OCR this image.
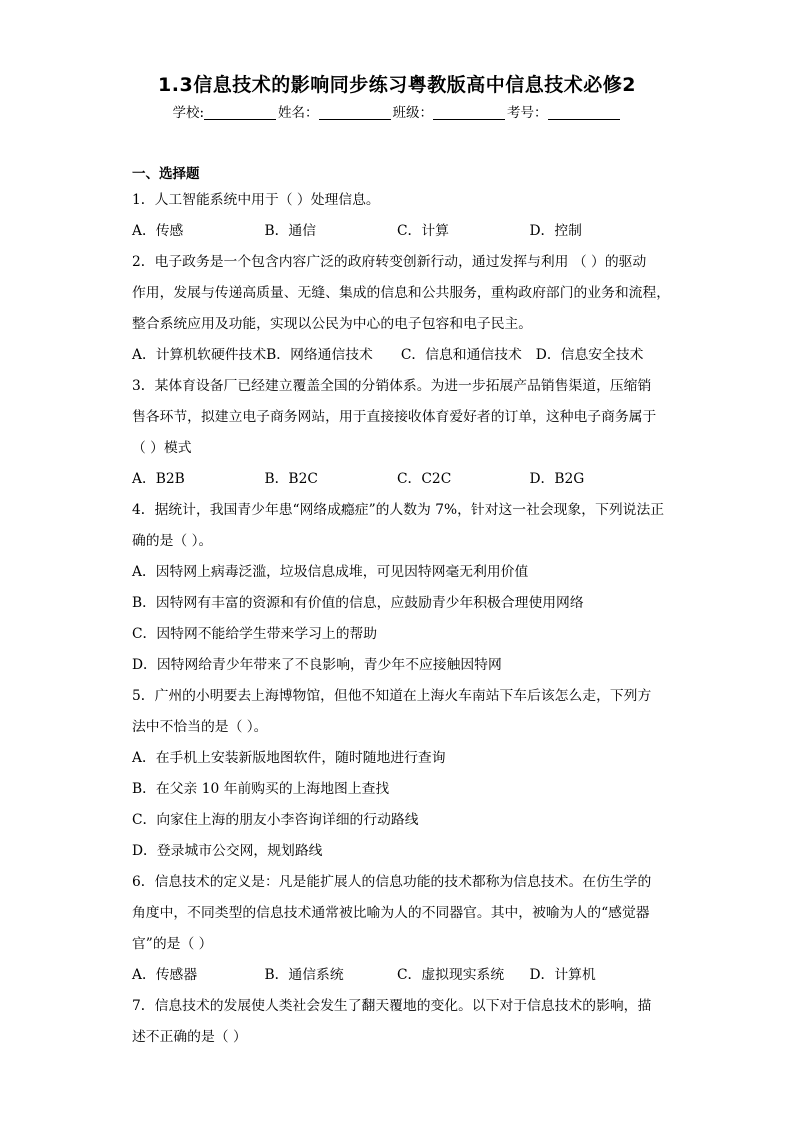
1.3信息技术的影响同步练习粤教版高中信息技术必修2
学校:	姓名：	班级：	考号：
一、选择题
1．人工智能系统中用于（ ）处理信息。
A．传感	B．通信	C．计算	D．控制
2．电子政务是一个包含内容广泛的政府转变创新行动，通过发挥与利用 （ ）的驱动
作用，发展与传递高质量、无缝、集成的信息和公共服务，重构政府部门的业务和流程，
整合系统应用及功能，实现以公民为中心的电子包容和电子民主。
A．计算机软硬件技术 B．网络通信技术 C．信息和通信技术 D．信息安全技术
3．某体育设备厂已经建立覆盖全国的分销体系。为进一步拓展产品销售渠道，压缩销
售各环节，拟建立电子商务网站，用于直接接收体育爱好者的订单，这种电子商务属于
（ ）模式
A．B2B	B．B2C	C．C2C	D．B2G
4．据统计，我国青少年患“网络成瘾症”的人数为 7%，针对这一社会现象，下列说法正
确的是（ ）。
A．因特网上病毒泛滥，垃圾信息成堆，可见因特网毫无利用价值
B．因特网有丰富的资源和有价值的信息，应鼓励青少年积极合理使用网络
C．因特网不能给学生带来学习上的帮助
D．因特网给青少年带来了不良影响，青少年不应接触因特网
5．广州的小明要去上海博物馆，但他不知道在上海火车南站下车后该怎么走，下列方
法中不恰当的是（ ）。
A．在手机上安装新版地图软件，随时随地进行查询
B．在父亲 10 年前购买的上海地图上查找
C．向家住上海的朋友小李咨询详细的行动路线
D．登录城市公交网，规划路线
6．信息技术的定义是：凡是能扩展人的信息功能的技术都称为信息技术。在仿生学的
角度中，不同类型的信息技术通常被比喻为人的不同器官。其中，被喻为人的“感觉器
官”的是（ ）
A．传感器	B．通信系统	C．虚拟现实系统	D．计算机
7．信息技术的发展使人类社会发生了翻天覆地的变化。以下对于信息技术的影响，描
述不正确的是（ ）
